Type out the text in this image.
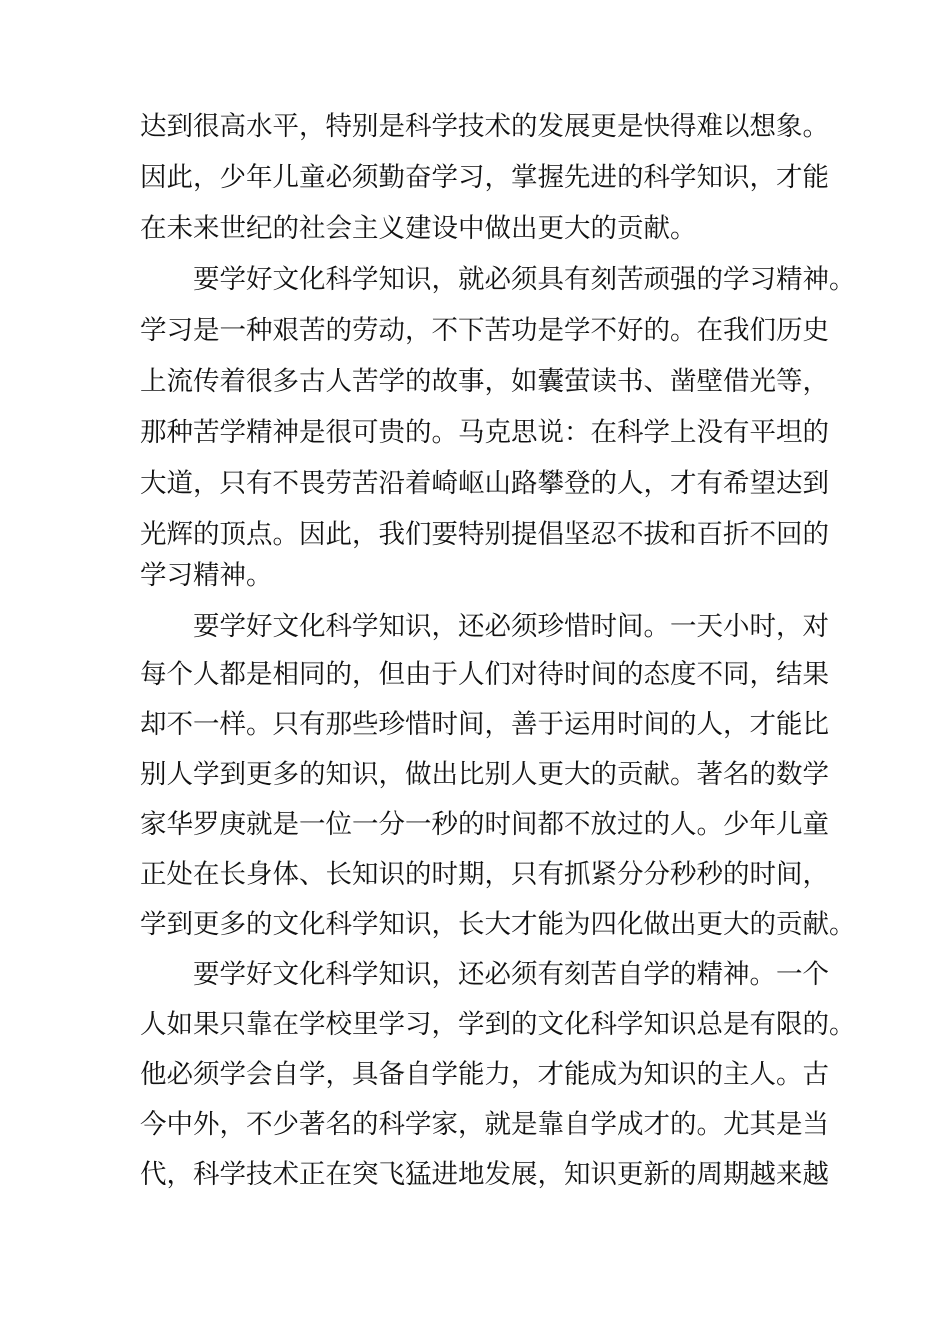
达到很高水平，特别是科学技术的发展更是快得难以想象。
因此，少年儿童必须勤奋学习，掌握先进的科学知识，才能
在未来世纪的社会主义建设中做出更大的贡献。
要学好文化科学知识，就必须具有刻苦顽强的学习精神。
学习是一种艰苦的劳动，不下苦功是学不好的。在我们历史
上流传着很多古人苦学的故事，如囊萤读书、凿壁借光等，
那种苦学精神是很可贵的。马克思说：在科学上没有平坦的
大道，只有不畏劳苦沿着崎岖山路攀登的人，才有希望达到
光辉的顶点。因此，我们要特别提倡坚忍不拔和百折不回的
学习精神。
要学好文化科学知识，还必须珍惜时间。一天小时，对
每个人都是相同的，但由于人们对待时间的态度不同，结果
却不一样。只有那些珍惜时间，善于运用时间的人，才能比
别人学到更多的知识，做出比别人更大的贡献。著名的数学
家华罗庚就是一位一分一秒的时间都不放过的人。少年儿童
正处在长身体、长知识的时期，只有抓紧分分秒秒的时间，
学到更多的文化科学知识，长大才能为四化做出更大的贡献。
要学好文化科学知识，还必须有刻苦自学的精神。一个
人如果只靠在学校里学习，学到的文化科学知识总是有限的。
他必须学会自学，具备自学能力，才能成为知识的主人。古
今中外，不少著名的科学家，就是靠自学成才的。尤其是当
代，科学技术正在突飞猛进地发展，知识更新的周期越来越
